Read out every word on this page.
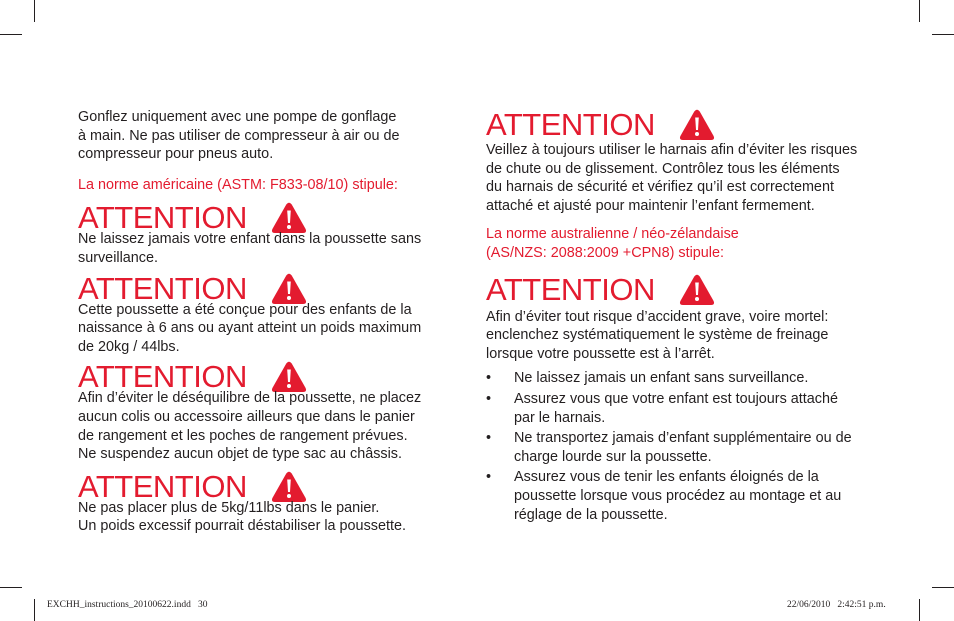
Gonflez uniquement avec une pompe de gonflage
à main. Ne pas utiliser de compresseur à air ou de
compresseur pour pneus auto.

La norme américaine (ASTM: F833-08/10) stipule:

ATTENTION

Ne laissez jamais votre enfant dans la poussette sans
surveillance.

ATTENTION

Cette poussette a été conçue pour des enfants de la
naissance à 6 ans ou ayant atteint un poids maximum
de 20kg / 44lbs.

ATTENTION

Afin d’éviter le déséquilibre de la poussette, ne placez
aucun colis ou accessoire ailleurs que dans le panier
de rangement et les poches de rangement prévues.
Ne suspendez aucun objet de type sac au châssis.

ATTENTION

Ne pas placer plus de 5kg/11lbs dans le panier.
Un poids excessif pourrait déstabiliser la poussette.

ATTENTION

Veillez à toujours utiliser le harnais afin d’éviter les risques
de chute ou de glissement. Contrôlez tous les éléments
du harnais de sécurité et vérifiez qu’il est correctement
attaché et ajusté pour maintenir l’enfant fermement.

La norme australienne / néo-zélandaise
(AS/NZS: 2088:2009 +CPN8) stipule:

ATTENTION

Afin d’éviter tout risque d’accident grave, voire mortel:
enclenchez systématiquement le système de freinage
lorsque votre poussette est à l’arrêt.

• Ne laissez jamais un enfant sans surveillance.
• Assurez vous que votre enfant est toujours attaché
par le harnais.
• Ne transportez jamais d’enfant supplémentaire ou de
charge lourde sur la poussette.
• Assurez vous de tenir les enfants éloignés de la
poussette lorsque vous procédez au montage et au
réglage de la poussette.
EXCHH_instructions_20100622.indd   30	22/06/2010   2:42:51 p.m.
